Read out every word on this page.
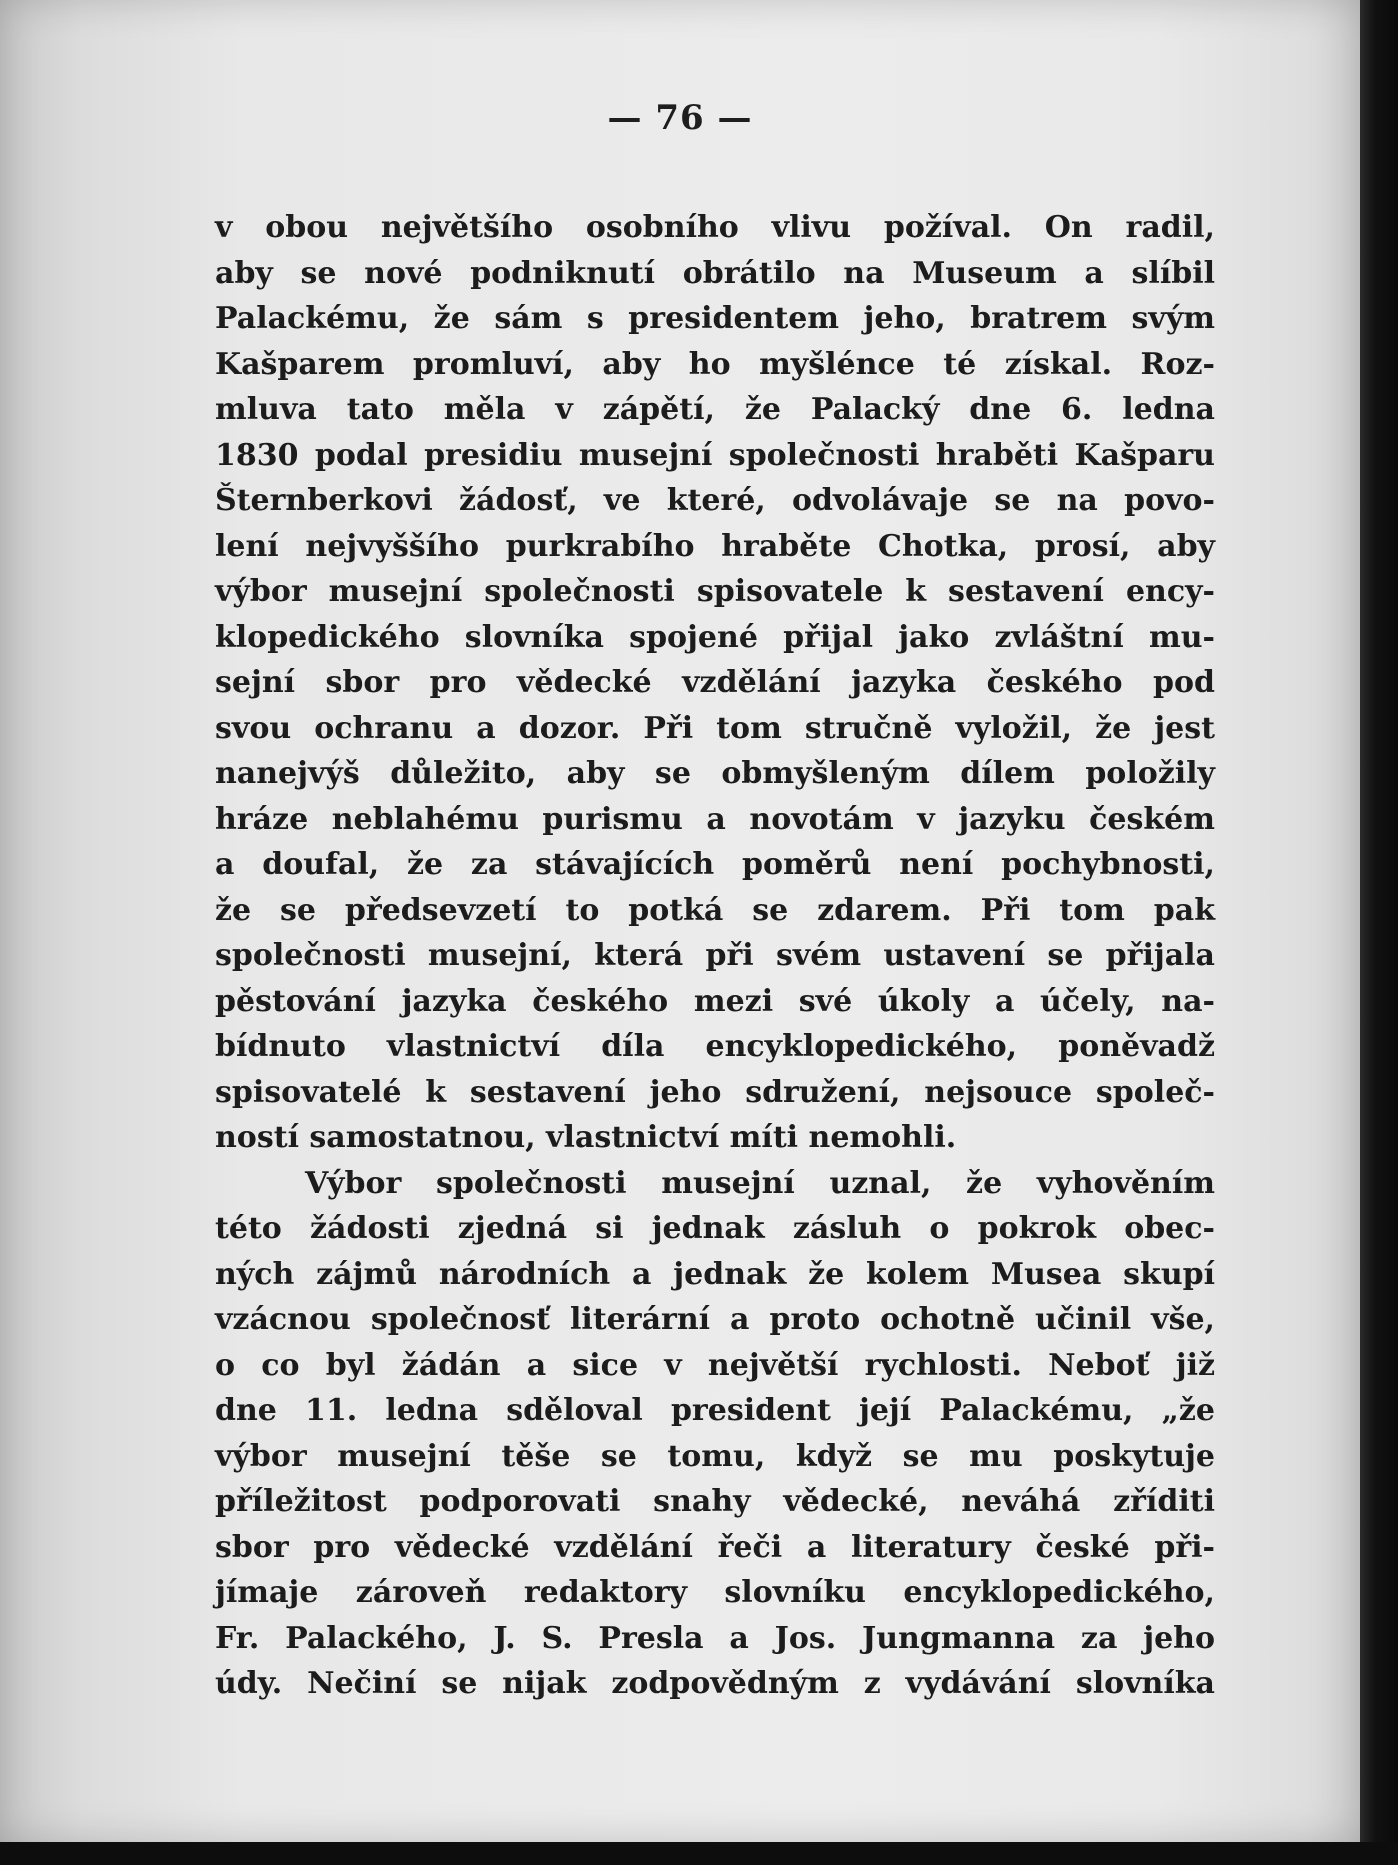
— 76 —
v obou největšího osobního vlivu požíval. On radil,
aby se nové podniknutí obrátilo na Museum a slíbil
Palackému, že sám s presidentem jeho, bratrem svým
Kašparem promluví, aby ho myšlénce té získal. Roz-
mluva tato měla v zápětí, že Palacký dne 6. ledna
1830 podal presidiu musejní společnosti hraběti Kašparu
Šternberkovi žádosť, ve které, odvolávaje se na povo-
lení nejvyššího purkrabího hraběte Chotka, prosí, aby
výbor musejní společnosti spisovatele k sestavení ency-
klopedického slovníka spojené přijal jako zvláštní mu-
sejní sbor pro vědecké vzdělání jazyka českého pod
svou ochranu a dozor. Při tom stručně vyložil, že jest
nanejvýš důležito, aby se obmyšleným dílem položily
hráze neblahému purismu a novotám v jazyku českém
a doufal, že za stávajících poměrů není pochybnosti,
že se předsevzetí to potká se zdarem. Při tom pak
společnosti musejní, která při svém ustavení se přijala
pěstování jazyka českého mezi své úkoly a účely, na-
bídnuto vlastnictví díla encyklopedického, poněvadž
spisovatelé k sestavení jeho sdružení, nejsouce společ-
ností samostatnou, vlastnictví míti nemohli.
Výbor společnosti musejní uznal, že vyhověním
této žádosti zjedná si jednak zásluh o pokrok obec-
ných zájmů národních a jednak že kolem Musea skupí
vzácnou společnosť literární a proto ochotně učinil vše,
o co byl žádán a sice v největší rychlosti. Neboť již
dne 11. ledna sděloval president její Palackému, „že
výbor musejní těše se tomu, když se mu poskytuje
příležitost podporovati snahy vědecké, neváhá zříditi
sbor pro vědecké vzdělání řeči a literatury české při-
jímaje zároveň redaktory slovníku encyklopedického,
Fr. Palackého, J. S. Presla a Jos. Jungmanna za jeho
údy. Nečiní se nijak zodpovědným z vydávání slovníka
